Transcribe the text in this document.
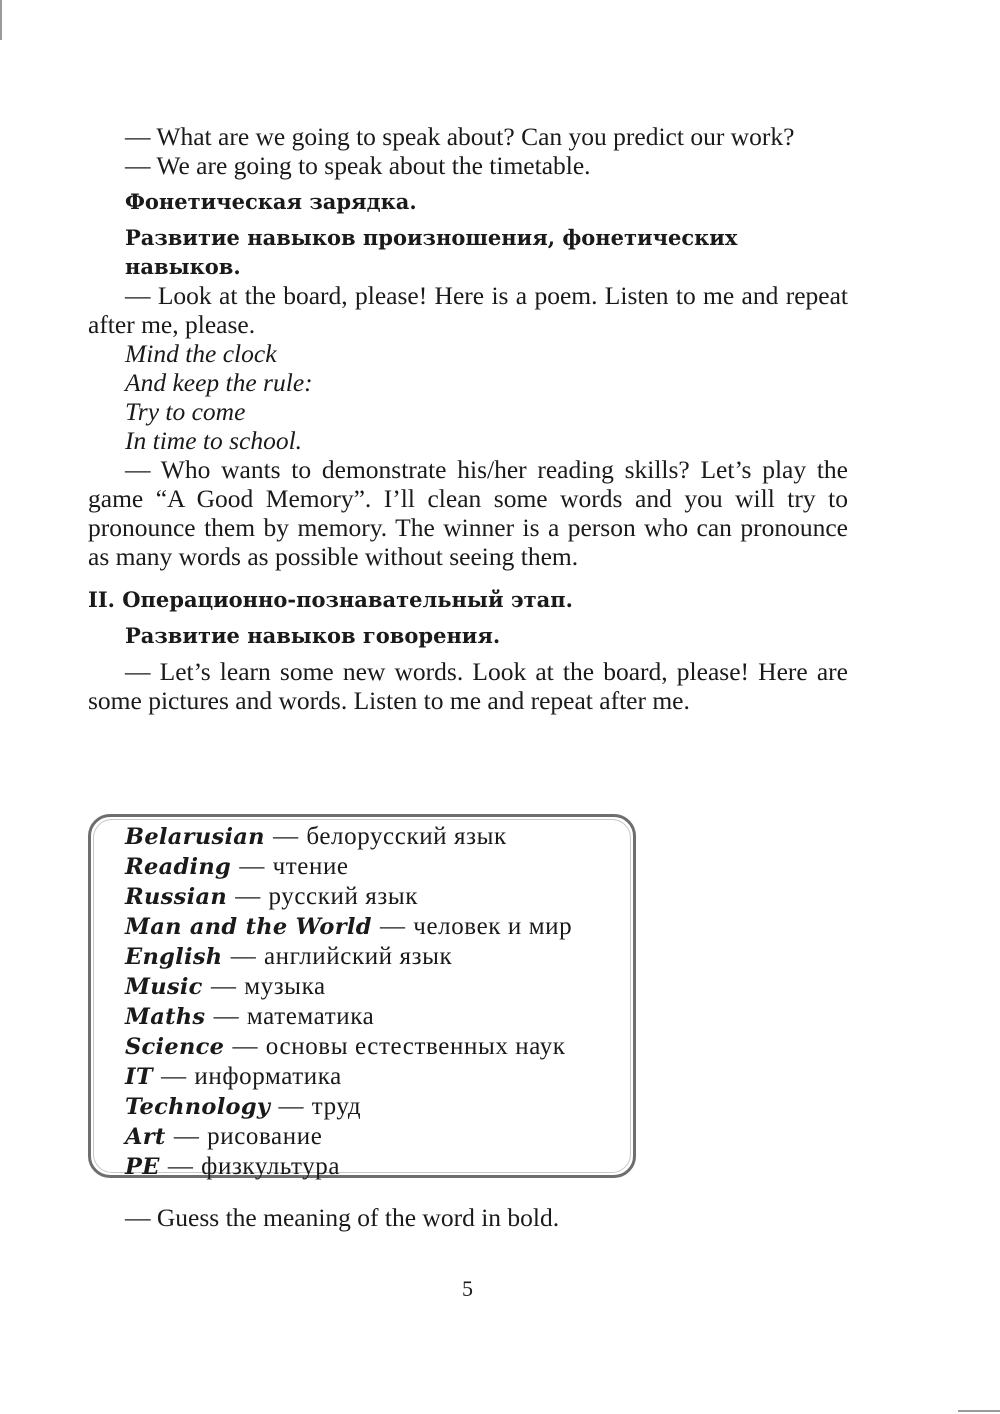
— What are we going to speak about? Can you predict our work?

— We are going to speak about the timetable.

Фонетическая зарядка.

Развитие навыков произношения, фонетических навыков.

— Look at the board, please! Here is a poem. Listen to me and repeat after me, please.

Mind the clock
And keep the rule:
Try to come
In time to school.

— Who wants to demonstrate his/her reading skills? Let’s play the game “A Good Memory”. I’ll clean some words and you will try to pronounce them by memory. The winner is a person who can pronounce as many words as possible without seeing them.

II. Операционно-познавательный этап.

Развитие навыков говорения.

— Let’s learn some new words. Look at the board, please! Here are some pictures and words. Listen to me and repeat after me.

Belarusian — белорусский язык
Reading — чтение
Russian — русский язык
Man and the World — человек и мир
English — английский язык
Music — музыка
Maths — математика
Science — основы естественных наук
IT — информатика
Technology — труд
Art — рисование
PE — физкультура
— Guess the meaning of the word in bold.
5
